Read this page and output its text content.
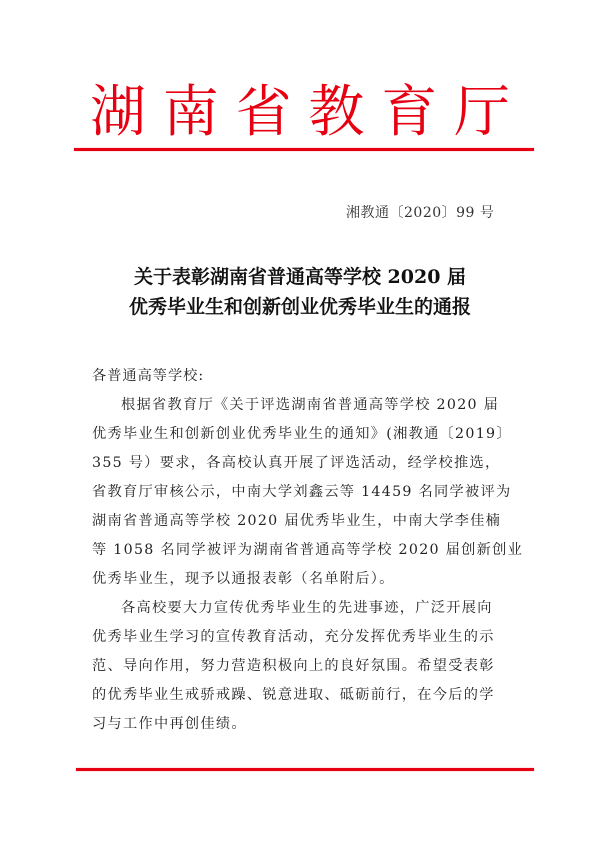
湖 南 省 教 育 厅
湘教通〔2020〕99 号
关于表彰湖南省普通高等学校 2020 届
优秀毕业生和创新创业优秀毕业生的通报
各普通高等学校:
根据省教育厅《关于评选湖南省普通高等学校 2020 届
优秀毕业生和创新创业优秀毕业生的通知》(湘教通〔2019〕
355 号）要求，各高校认真开展了评选活动，经学校推选，
省教育厅审核公示，中南大学刘鑫云等 14459 名同学被评为
湖南省普通高等学校 2020 届优秀毕业生，中南大学李佳楠
等 1058 名同学被评为湖南省普通高等学校 2020 届创新创业
优秀毕业生，现予以通报表彰（名单附后）。
各高校要大力宣传优秀毕业生的先进事迹，广泛开展向
优秀毕业生学习的宣传教育活动，充分发挥优秀毕业生的示
范、导向作用，努力营造积极向上的良好氛围。希望受表彰
的优秀毕业生戒骄戒躁、锐意进取、砥砺前行，在今后的学
习与工作中再创佳绩。
